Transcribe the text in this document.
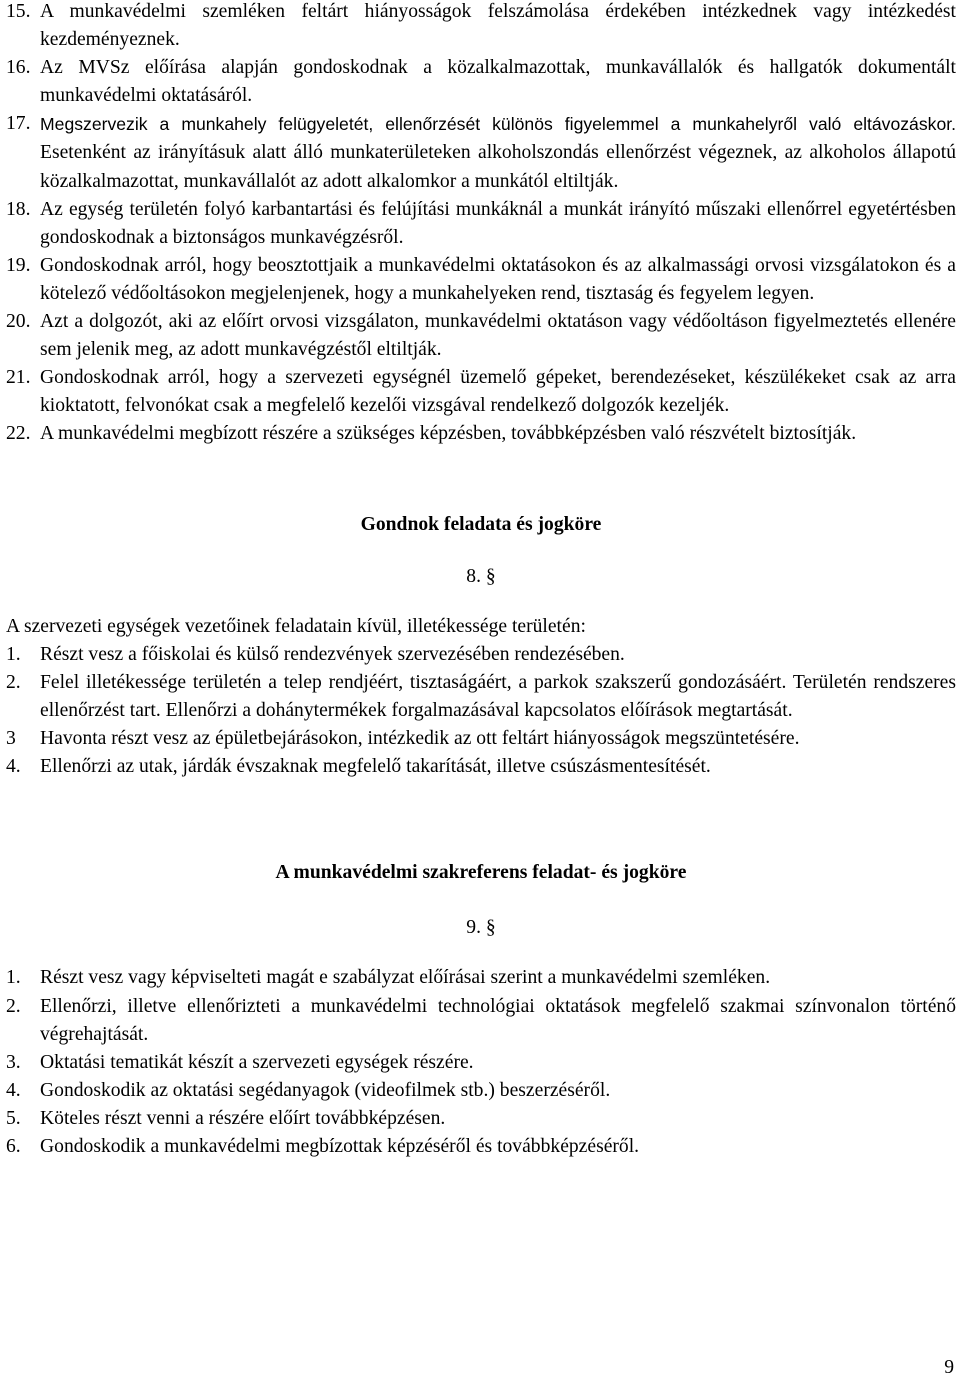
15. A munkavédelmi szemléken feltárt hiányosságok felszámolása érdekében intézkednek vagy intézkedést kezdeményeznek.
16. Az MVSz előírása alapján gondoskodnak a közalkalmazottak, munkavállalók és hallgatók dokumentált munkavédelmi oktatásáról.
17. Megszervezik a munkahely felügyeletét, ellenőrzését különös figyelemmel a munkahelyről való eltávozáskor. Esetenként az irányításuk alatt álló munkaterületeken alkoholszondás ellenőrzést végeznek, az alkoholos állapotú közalkalmazottat, munkavállalót az adott alkalomkor a munkától eltiltják.
18. Az egység területén folyó karbantartási és felújítási munkáknál a munkát irányító műszaki ellenőrrel egyetértésben gondoskodnak a biztonságos munkavégzésről.
19. Gondoskodnak arról, hogy beosztottjaik a munkavédelmi oktatásokon és az alkalmassági orvosi vizsgálatokon és a kötelező védőoltásokon megjelenjenek, hogy a munkahelyeken rend, tisztaság és fegyelem legyen.
20. Azt a dolgozót, aki az előírt orvosi vizsgálaton, munkavédelmi oktatáson vagy védőoltáson figyelmeztetés ellenére sem jelenik meg, az adott munkavégzéstől eltiltják.
21. Gondoskodnak arról, hogy a szervezeti egységnél üzemelő gépeket, berendezéseket, készülékeket csak az arra kioktatott, felvonókat csak a megfelelő kezelői vizsgával rendelkező dolgozók kezeljék.
22. A munkavédelmi megbízott részére a szükséges képzésben, továbbképzésben való részvételt biztosítják.
Gondnok feladata és jogköre
8. §
A szervezeti egységek vezetőinek feladatain kívül, illetékessége területén:
1. Részt vesz a főiskolai és külső rendezvények szervezésében rendezésében.
2. Felel illetékessége területén a telep rendjéért, tisztaságáért, a parkok szakszerű gondozásáért. Területén rendszeres ellenőrzést tart. Ellenőrzi a dohánytermékek forgalmazásával kapcsolatos előírások megtartását.
3	Havonta részt vesz az épületbejárásokon, intézkedik az ott feltárt hiányosságok megszüntetésére.
4. Ellenőrzi az utak, járdák évszaknak megfelelő takarítását, illetve csúszásmentesítését.
A munkavédelmi szakreferens feladat- és jogköre
9. §
1. Részt vesz vagy képviselteti magát e szabályzat előírásai szerint a munkavédelmi szemléken.
2. Ellenőrzi, illetve ellenőrizteti a munkavédelmi technológiai oktatások megfelelő szakmai színvonalon történő végrehajtását.
3. Oktatási tematikát készít a szervezeti egységek részére.
4. Gondoskodik az oktatási segédanyagok (videofilmek stb.) beszerzéséről.
5. Köteles részt venni a részére előírt továbbképzésen.
6. Gondoskodik a munkavédelmi megbízottak képzéséről és továbbképzéséről.
9
